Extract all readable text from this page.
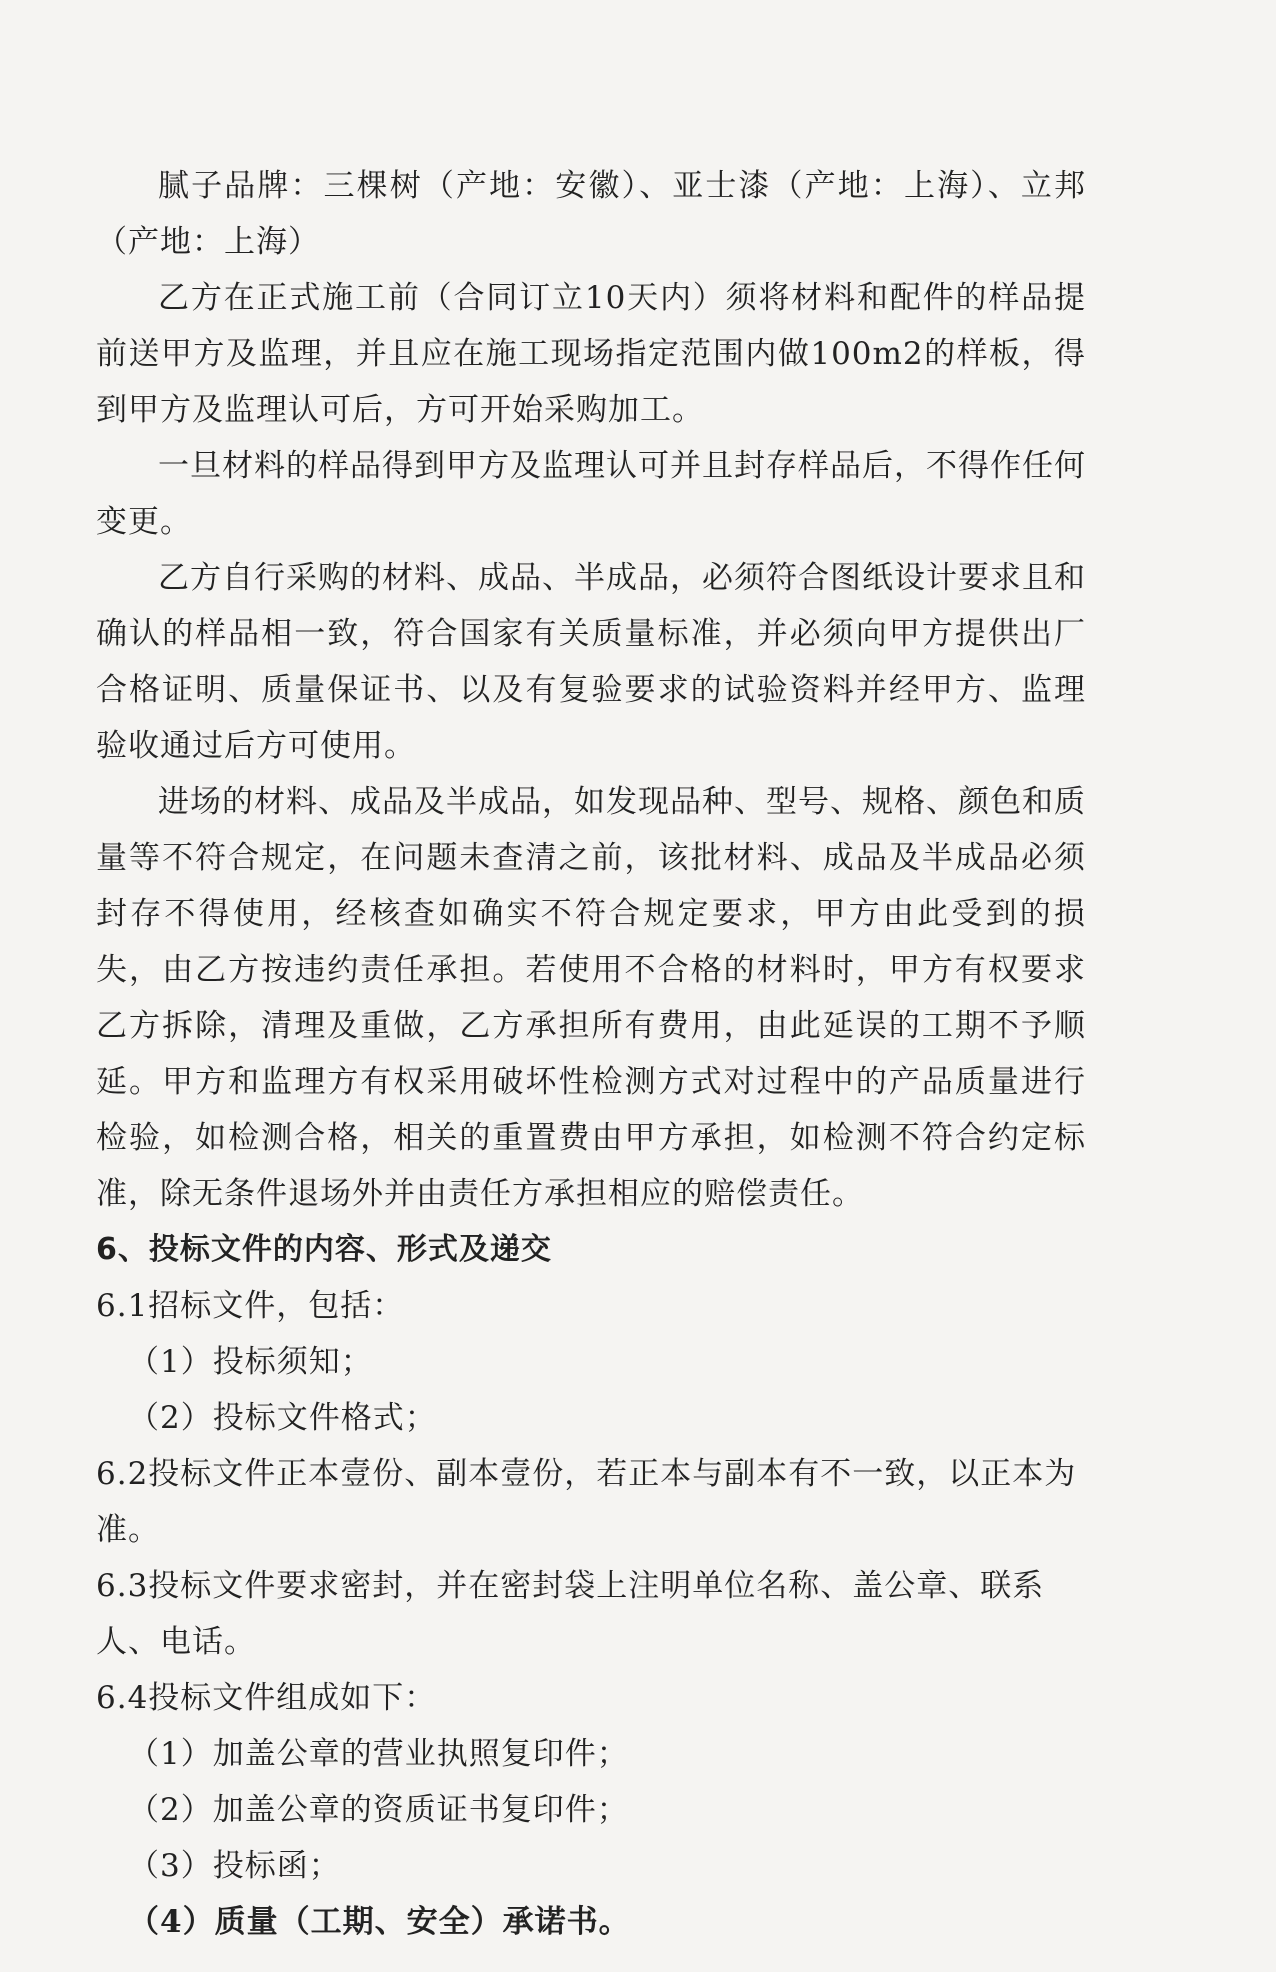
腻子品牌：三棵树（产地：安徽）、亚士漆（产地：上海）、立邦（产地：上海）

乙方在正式施工前（合同订立10天内）须将材料和配件的样品提前送甲方及监理，并且应在施工现场指定范围内做100m2的样板，得到甲方及监理认可后，方可开始采购加工。

一旦材料的样品得到甲方及监理认可并且封存样品后，不得作任何变更。

乙方自行采购的材料、成品、半成品，必须符合图纸设计要求且和确认的样品相一致，符合国家有关质量标准，并必须向甲方提供出厂合格证明、质量保证书、以及有复验要求的试验资料并经甲方、监理验收通过后方可使用。

进场的材料、成品及半成品，如发现品种、型号、规格、颜色和质量等不符合规定，在问题未查清之前，该批材料、成品及半成品必须封存不得使用，经核查如确实不符合规定要求，甲方由此受到的损失，由乙方按违约责任承担。若使用不合格的材料时，甲方有权要求乙方拆除，清理及重做，乙方承担所有费用，由此延误的工期不予顺延。甲方和监理方有权采用破坏性检测方式对过程中的产品质量进行检验，如检测合格，相关的重置费由甲方承担，如检测不符合约定标准，除无条件退场外并由责任方承担相应的赔偿责任。

6、投标文件的内容、形式及递交

6.1招标文件，包括：

（1）投标须知；

（2）投标文件格式；

6.2投标文件正本壹份、副本壹份，若正本与副本有不一致，以正本为准。

6.3投标文件要求密封，并在密封袋上注明单位名称、盖公章、联系人、电话。

6.4投标文件组成如下：

（1）加盖公章的营业执照复印件；

（2）加盖公章的资质证书复印件；

（3）投标函；

（4）质量（工期、安全）承诺书。
